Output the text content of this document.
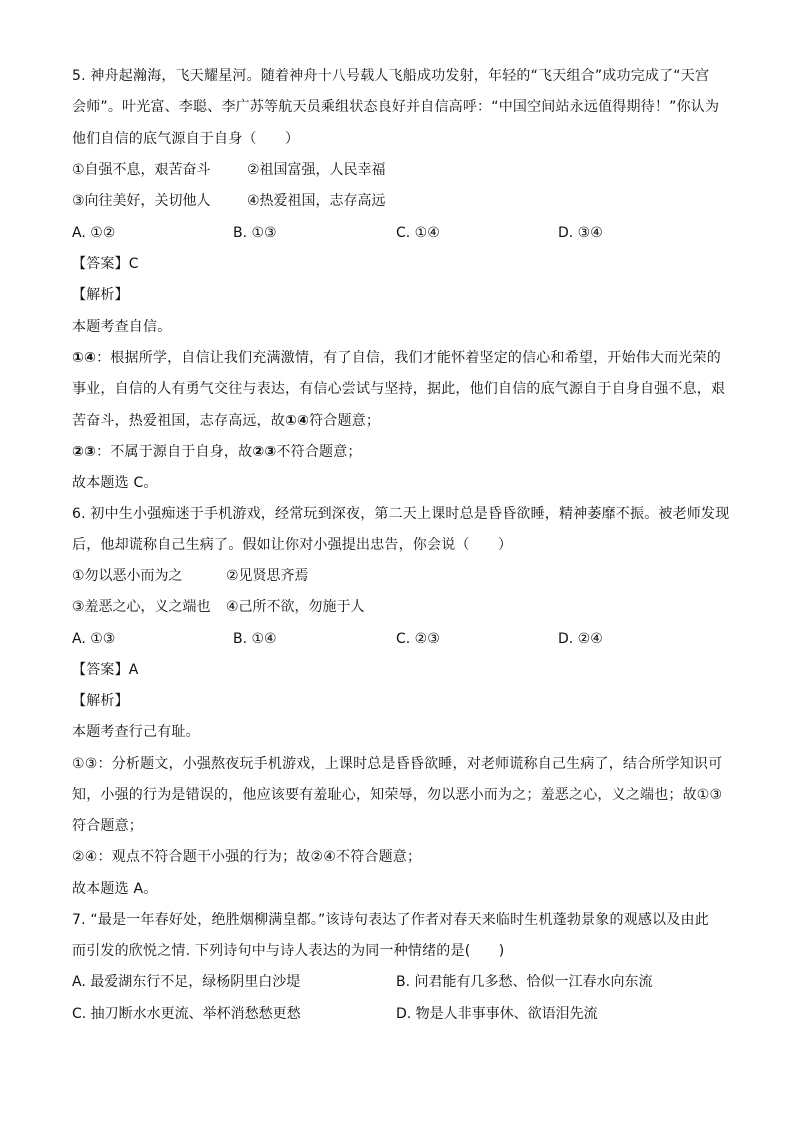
5. 神舟起瀚海，飞天耀星河。随着神舟十八号载人飞船成功发射，年轻的“飞天组合”成功完成了“天宫
会师”。叶光富、李聪、李广苏等航天员乘组状态良好并自信高呼：“中国空间站永远值得期待！”你认为
他们自信的底气源自于自身（　　）
①自强不息，艰苦奋斗	②祖国富强，人民幸福
③向往美好，关切他人	④热爱祖国，志存高远
A. ①②	B. ①③	C. ①④	D. ③④
【答案】C
【解析】
本题考查自信。
①④：根据所学，自信让我们充满激情，有了自信，我们才能怀着坚定的信心和希望，开始伟大而光荣的
事业，自信的人有勇气交往与表达，有信心尝试与坚持，据此，他们自信的底气源自于自身自强不息，艰
苦奋斗，热爱祖国，志存高远，故①④符合题意；
②③：不属于源自于自身，故②③不符合题意；
故本题选 C。
6. 初中生小强痴迷于手机游戏，经常玩到深夜，第二天上课时总是昏昏欲睡，精神萎靡不振。被老师发现
后，他却谎称自己生病了。假如让你对小强提出忠告，你会说（　　）
①勿以恶小而为之	②见贤思齐焉
③羞恶之心，义之端也 ④己所不欲，勿施于人
A. ①③	B. ①④	C. ②③	D. ②④
【答案】A
【解析】
本题考查行己有耻。
①③：分析题文，小强熬夜玩手机游戏，上课时总是昏昏欲睡，对老师谎称自己生病了，结合所学知识可
知，小强的行为是错误的，他应该要有羞耻心，知荣辱，勿以恶小而为之；羞恶之心，义之端也；故①③
符合题意；
②④：观点不符合题干小强的行为；故②④不符合题意；
故本题选 A。
7. “最是一年春好处，绝胜烟柳满皇都。”该诗句表达了作者对春天来临时生机蓬勃景象的观感以及由此
而引发的欣悦之情. 下列诗句中与诗人表达的为同一种情绪的是(　　)
A. 最爱湖东行不足，绿杨阴里白沙堤	B. 问君能有几多愁、恰似一江春水向东流
C. 抽刀断水水更流、举杯消愁愁更愁	D. 物是人非事事休、欲语泪先流
